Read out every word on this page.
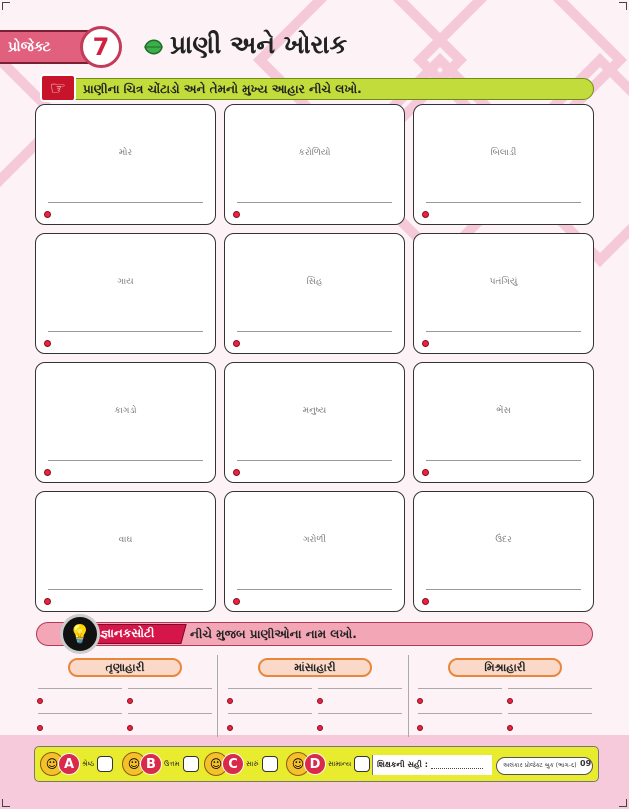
પ્રોજેક્ટ 7 પ્રાણી અને ખોરાક
પ્રાણીના ચિત્ર ચોંટાડો અને તેમનો મુખ્ય આહાર નીચે લખો.
☞
મોર	કરોળિયો	બિલાડી
ગાય	સિંહ	પતંગિયું
કાગડો	મનુષ્ય	ભેંસ
વાઘ	ગરોળી	ઉંદર
જ્ઞાનકસોટી
💡	નીચે મુજબ પ્રાણીઓના નામ લખો.
તૃણાહારી	માંસાહારી	મિશ્રાહારી
☺ A	શ્રેષ્ઠ	☺ B	ઉત્તમ	☺ C	સારું	☺ D	સામાન્ય	શિક્ષકની સહી :	અલંકાર પ્રોજેક્ટ બુક (ભાગ-૬) 09
